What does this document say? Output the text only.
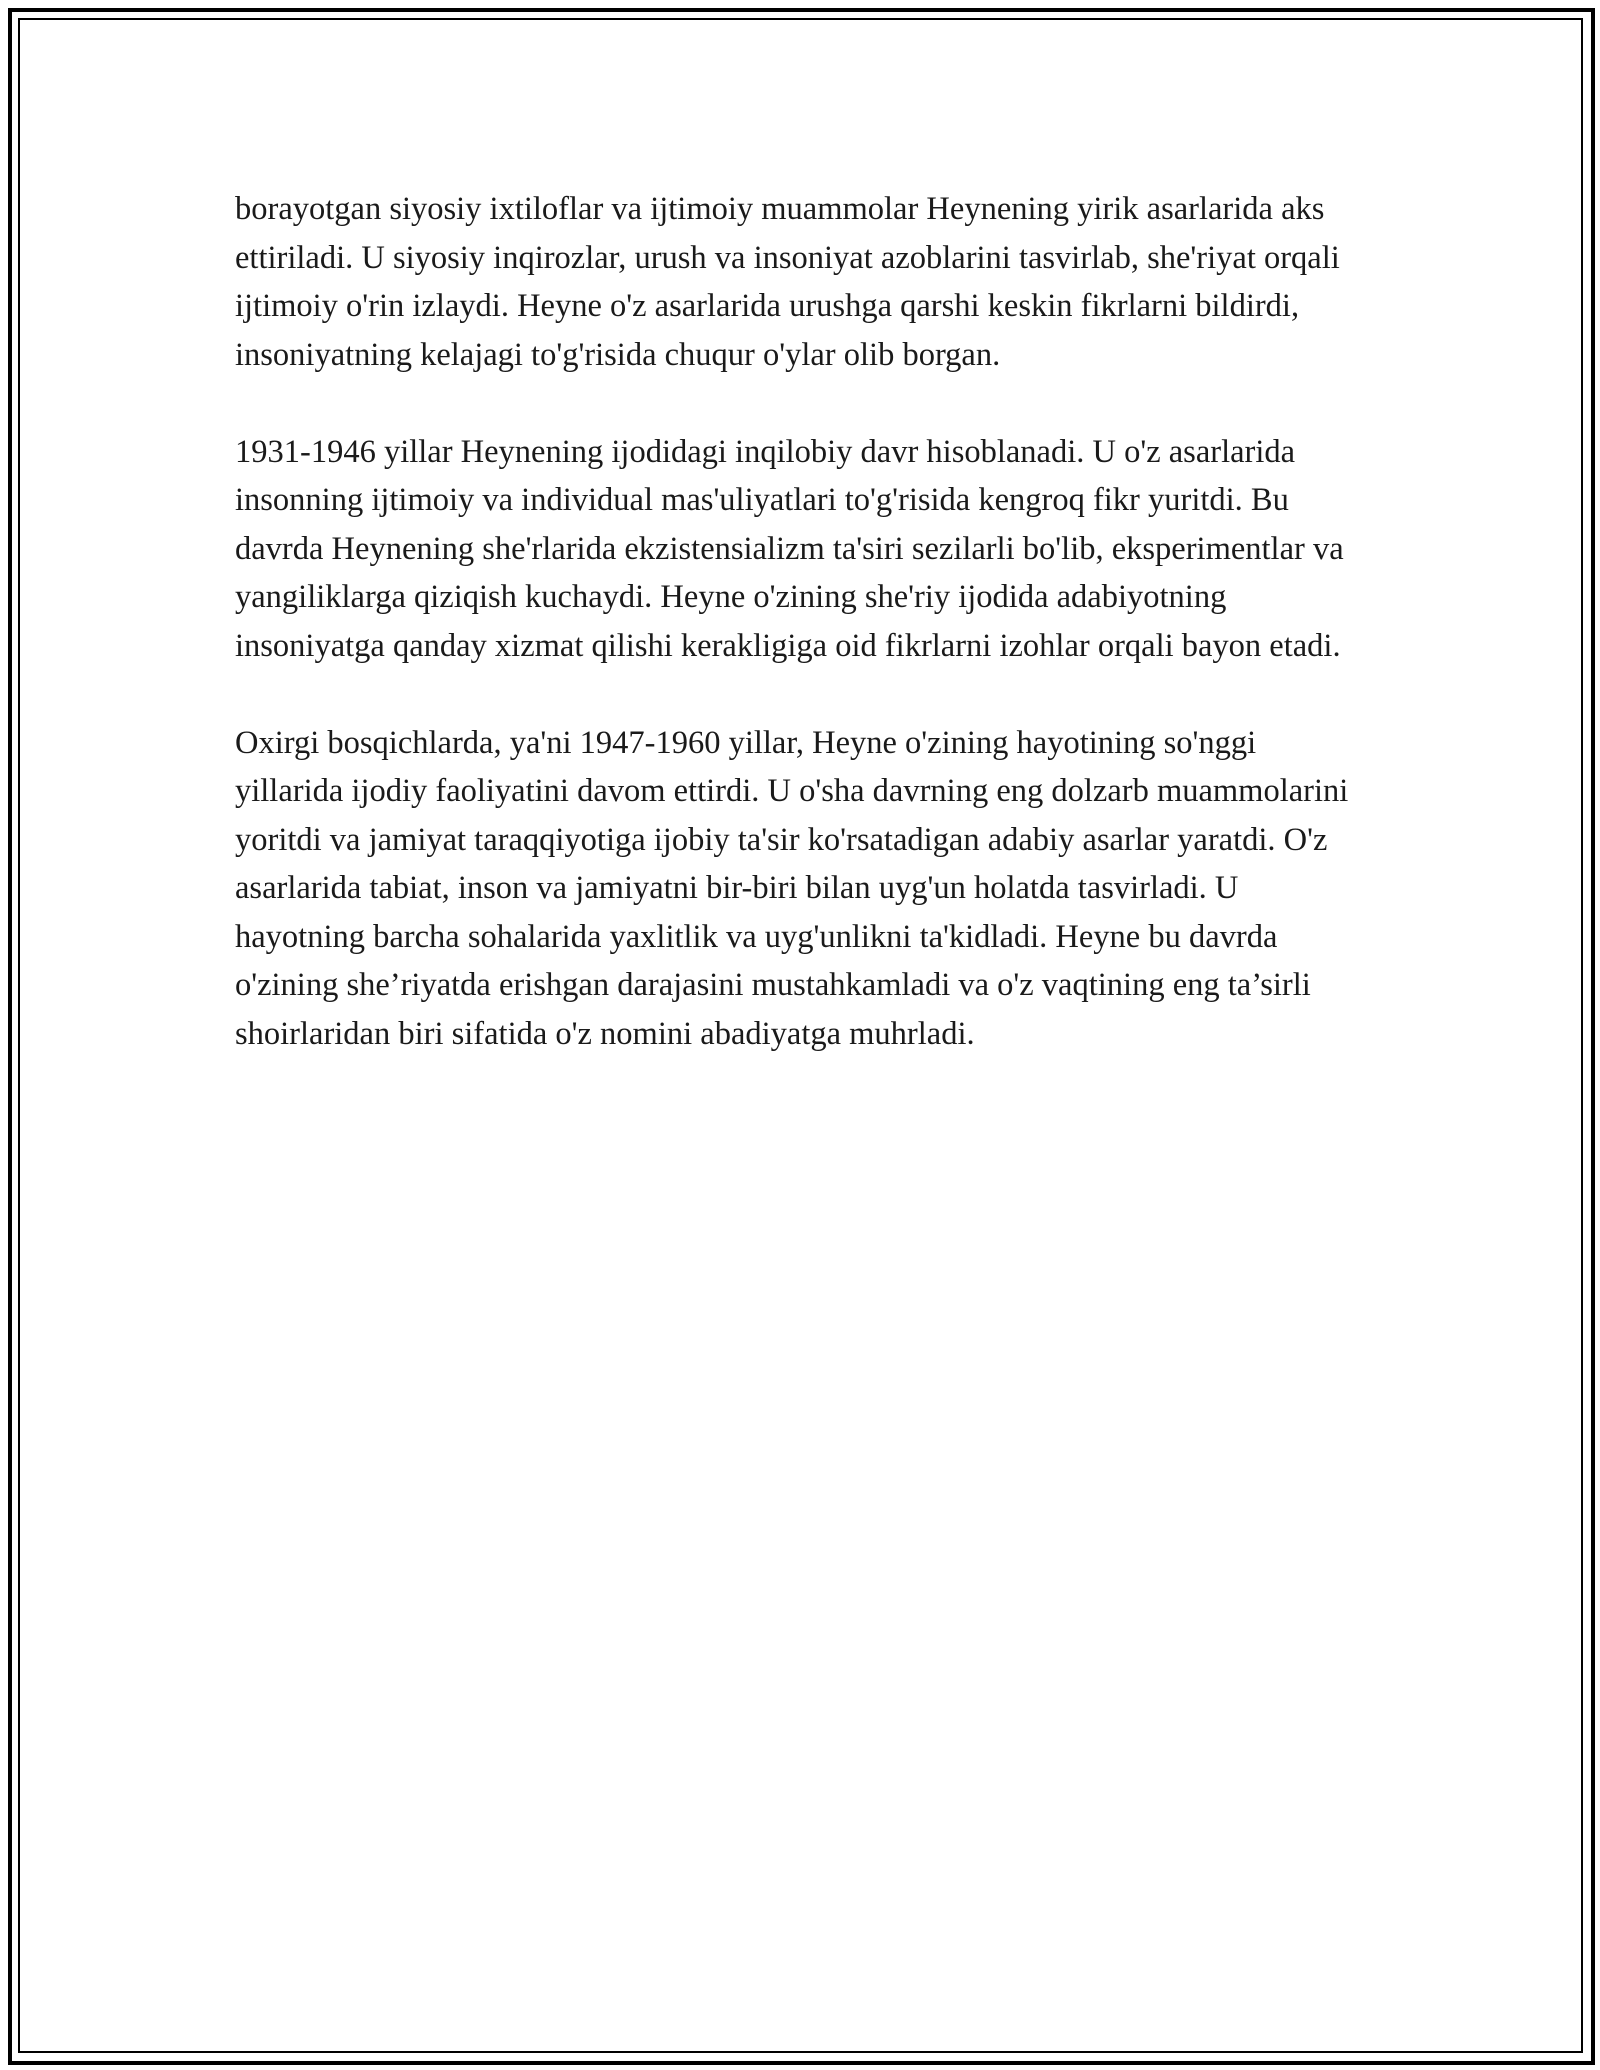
borayotgan siyosiy ixtiloflar va ijtimoiy muammolar Heynening yirik asarlarida aks ettiriladi. U siyosiy inqirozlar, urush va insoniyat azoblarini tasvirlab, she'riyat orqali ijtimoiy o'rin izlaydi. Heyne o'z asarlarida urushga qarshi keskin fikrlarni bildirdi, insoniyatning kelajagi to'g'risida chuqur o'ylar olib borgan.

1931-1946 yillar Heynening ijodidagi inqilobiy davr hisoblanadi. U o'z asarlarida insonning ijtimoiy va individual mas'uliyatlari to'g'risida kengroq fikr yuritdi. Bu davrda Heynening she'rlarida ekzistensializm ta'siri sezilarli bo'lib, eksperimentlar va yangiliklarga qiziqish kuchaydi. Heyne o'zining she'riy ijodida adabiyotning insoniyatga qanday xizmat qilishi kerakligiga oid fikrlarni izohlar orqali bayon etadi.

Oxirgi bosqichlarda, ya'ni 1947-1960 yillar, Heyne o'zining hayotining so'nggi yillarida ijodiy faoliyatini davom ettirdi. U o'sha davrning eng dolzarb muammolarini yoritdi va jamiyat taraqqiyotiga ijobiy ta'sir ko'rsatadigan adabiy asarlar yaratdi. O'z asarlarida tabiat, inson va jamiyatni bir-biri bilan uyg'un holatda tasvirladi. U hayotning barcha sohalarida yaxlitlik va uyg'unlikni ta'kidladi. Heyne bu davrda o'zining she’riyatda erishgan darajasini mustahkamladi va o'z vaqtining eng ta’sirli shoirlaridan biri sifatida o'z nomini abadiyatga muhrladi.
